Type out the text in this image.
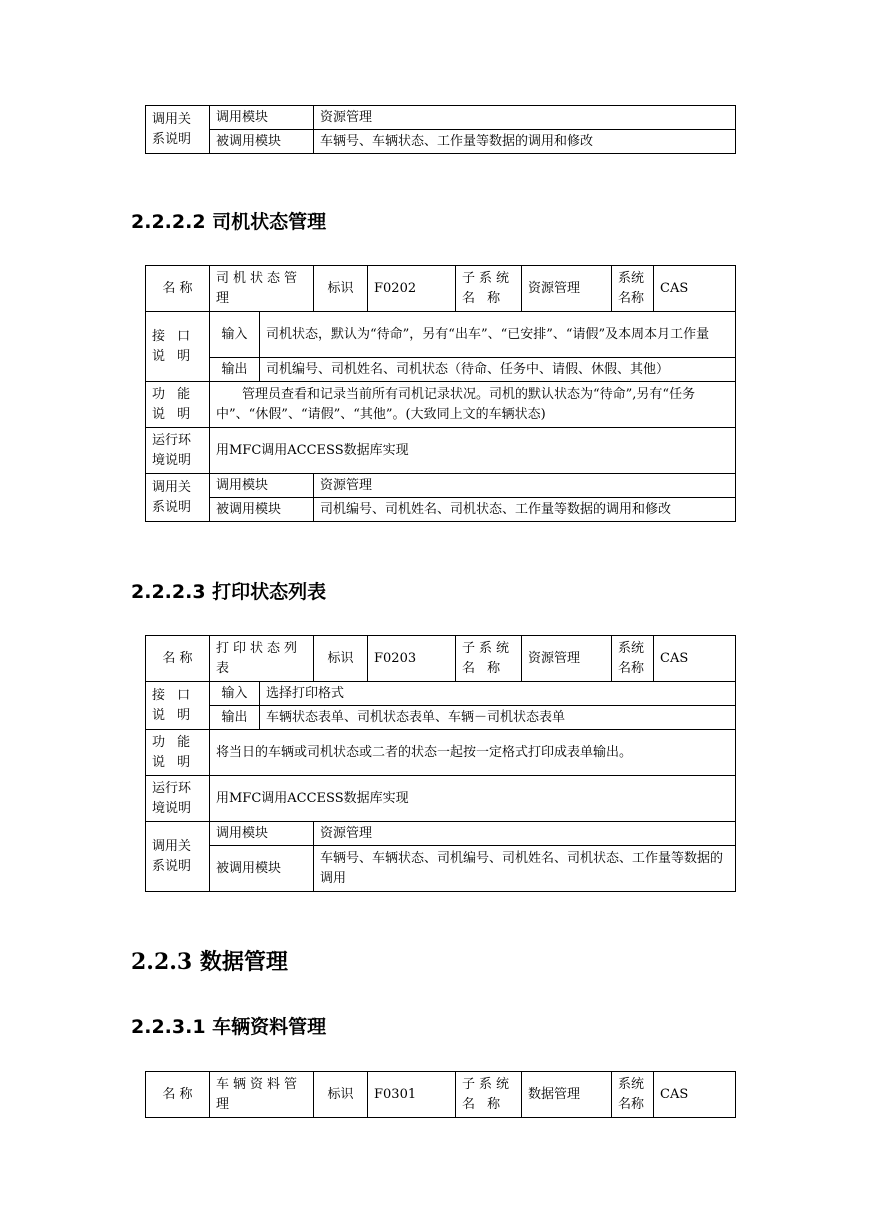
调用关系说明	调用模块	资源管理
	被调用模块	车辆号、车辆状态、工作量等数据的调用和修改
2.2.2.2 司机状态管理
名 称	司机状态管理		标识	F0202	子系统名 称	资源管理	系统名称	CAS
接 口说 明	输入	司机状态，默认为“待命”，另有“出车”、“已安排”、“请假”及本周本月工作量						
	输出	司机编号、司机姓名、司机状态（待命、任务中、请假、休假、其他）						
功 能说 明	管理员查看和记录当前所有司机记录状况。司机的默认状态为“待命”,另有“任务中”、“休假”、“请假”、“其他”。(大致同上文的车辆状态)							
运行环境说明	用MFC调用ACCESS数据库实现							
调用关系说明	调用模块		资源管理					
	被调用模块		司机编号、司机姓名、司机状态、工作量等数据的调用和修改					
2.2.2.3 打印状态列表
名 称	打印状态列表		标识	F0203	子系统名 称	资源管理	系统名称	CAS
接 口说 明	输入	选择打印格式						
	输出	车辆状态表单、司机状态表单、车辆－司机状态表单						
功 能说 明	将当日的车辆或司机状态或二者的状态一起按一定格式打印成表单输出。							
运行环境说明	用MFC调用ACCESS数据库实现							
调用关系说明	调用模块		资源管理					
	被调用模块		车辆号、车辆状态、司机编号、司机姓名、司机状态、工作量等数据的调用					
2.2.3 数据管理
2.2.3.1 车辆资料管理
名 称	车辆资料管理	标识	F0301	子系统名 称	数据管理	系统名称	CAS
